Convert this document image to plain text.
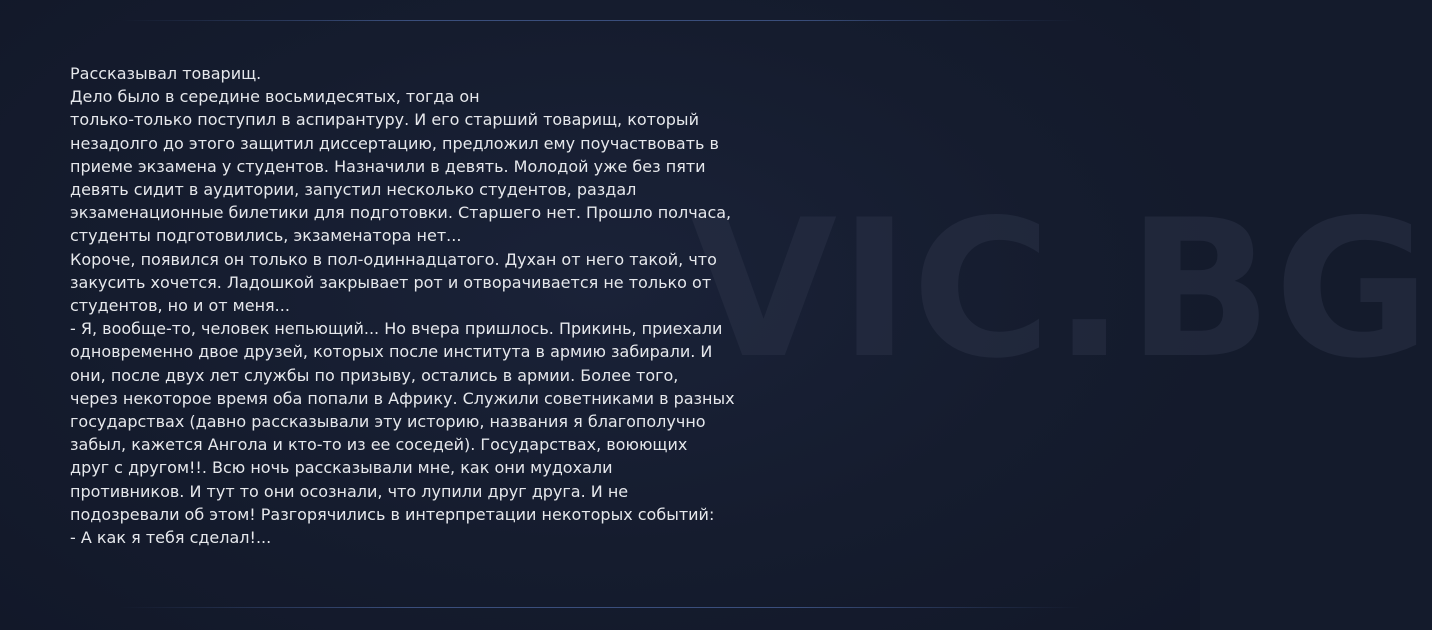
VIC.BG
Рассказывал товарищ.
Дело было в середине восьмидесятых, тогда он
только-только поступил в аспирантуру. И его старший товарищ, который
незадолго до этого защитил диссертацию, предложил ему поучаствовать в
приеме экзамена у студентов. Назначили в девять. Молодой уже без пяти
девять сидит в аудитории, запустил несколько студентов, раздал
экзаменационные билетики для подготовки. Старшего нет. Прошло полчаса,
студенты подготовились, экзаменатора нет...
Короче, появился он только в пол-одиннадцатого. Духан от него такой, что
закусить хочется. Ладошкой закрывает рот и отворачивается не только от
студентов, но и от меня...
- Я, вообще-то, человек непьющий... Но вчера пришлось. Прикинь, приехали
одновременно двое друзей, которых после института в армию забирали. И
они, после двух лет службы по призыву, остались в армии. Более того,
через некоторое время оба попали в Африку. Служили советниками в разных
государствах (давно рассказывали эту историю, названия я благополучно
забыл, кажется Ангола и кто-то из ее соседей). Государствах, воюющих
друг с другом!!. Всю ночь рассказывали мне, как они мудохали
противников. И тут то они осознали, что лупили друг друга. И не
подозревали об этом! Разгорячились в интерпретации некоторых событий:
- А как я тебя сделал!...
